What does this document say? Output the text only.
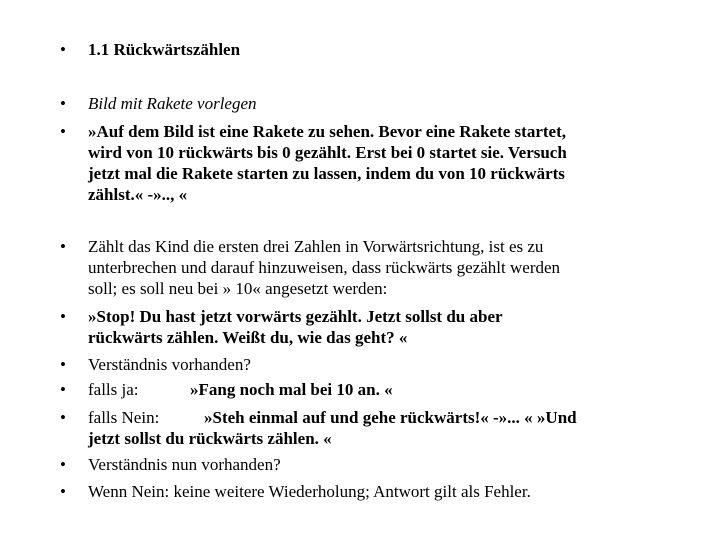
• 1.1 Rückwärtszählen
• Bild mit Rakete vorlegen
• »Auf dem Bild ist eine Rakete zu sehen. Bevor eine Rakete startet,
wird von 10 rückwärts bis 0 gezählt. Erst bei 0 startet sie. Versuch
jetzt mal die Rakete starten zu lassen, indem du von 10 rückwärts
zählst.« -».., «
• Zählt das Kind die ersten drei Zahlen in Vorwärtsrichtung, ist es zu
unterbrechen und darauf hinzuweisen, dass rückwärts gezählt werden
soll; es soll neu bei » 10« angesetzt werden:
• »Stop! Du hast jetzt vorwärts gezählt. Jetzt sollst du aber
rückwärts zählen. Weißt du, wie das geht? «
• Verständnis vorhanden?
• falls ja:	»Fang noch mal bei 10 an. «
• falls Nein:	»Steh einmal auf und gehe rückwärts!« -»... « »Und
jetzt sollst du rückwärts zählen. «
• Verständnis nun vorhanden?
• Wenn Nein: keine weitere Wiederholung; Antwort gilt als Fehler.
